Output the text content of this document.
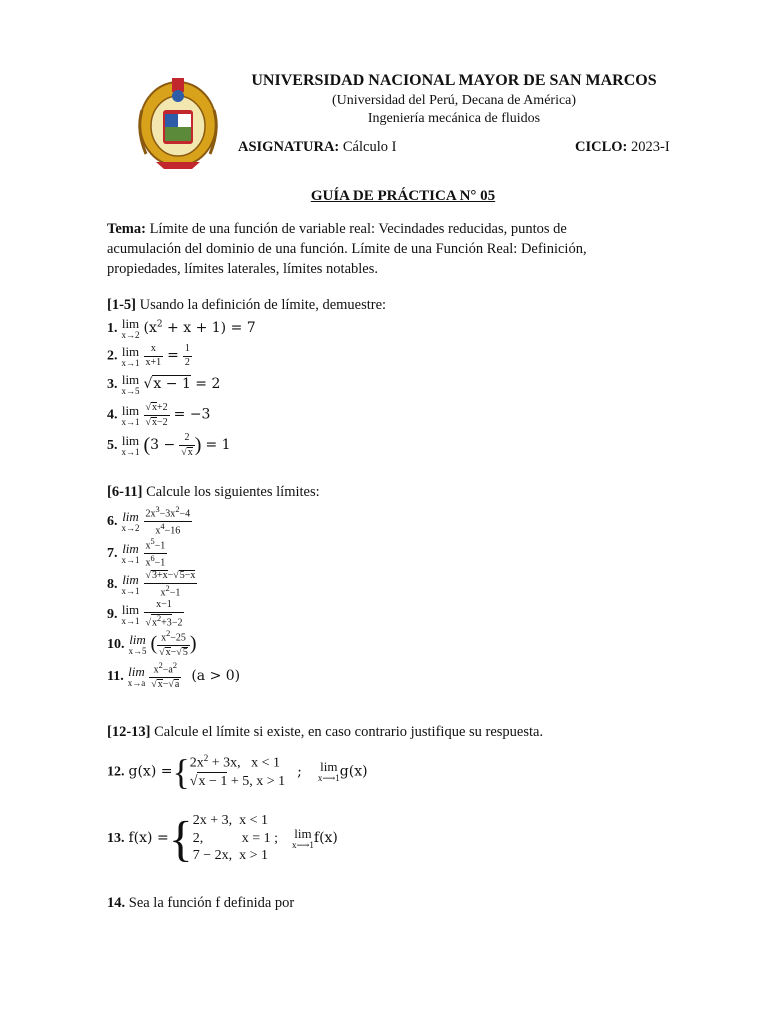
UNIVERSIDAD NACIONAL MAYOR DE SAN MARCOS
(Universidad del Perú, Decana de América)
Ingeniería mecánica de fluidos
ASIGNATURA: Cálculo I	CICLO: 2023-I
GUÍA DE PRÁCTICA N° 05
Tema: Límite de una función de variable real: Vecindades reducidas, puntos de
acumulación del dominio de una función. Límite de una Función Real: Definición,
propiedades, límites laterales, límites notables.
[1-5] Usando la definición de límite, demuestre:
1. lim
x→2 $(x^2 + x + 1) = 7$
2. lim
x→1
$\frac{x}{x+1} = \frac{1}{2}$
3. lim
x→5 √x − 1 = 2
4. lim
x→1
$\frac{√x+2}{√x-2} = -3$
5. lim
x→1 ($3 - \frac{2}{√x}$ ) = 1
[6-11] Calcule los siguientes límites:
6. lim
x→2
$\frac{2x^3-3x^2-4}{x^4-16}$
7. lim
x→1
$\frac{x^5-1}{x^6-1}$
8. lim
x→1
$\frac{√3+x-√5-x}{x^2-1}$
9. lim
x→1
$\frac{x-1}{√x^2+3-2}$
10. lim
x→5 ( $\frac{x^2-25}{√x-√5}$ )
11. lim
x→a
$\frac{x^2-a^2}{√x-√a} (a > 0)$
[12-13] Calcule el límite si existe, en caso contrario justifique su respuesta.
12. $g(x) =\{2x^2 + 3x$,   x < 1
√x − 1 + 5, x > 1 ; lim
x⟶1 g(x)
13. f(x) ={2x + 3,  x < 1
2,           x = 1 ;
7 − 2x,  x > 1
lim
x⟶1 f(x)
14. Sea la función f definida por
